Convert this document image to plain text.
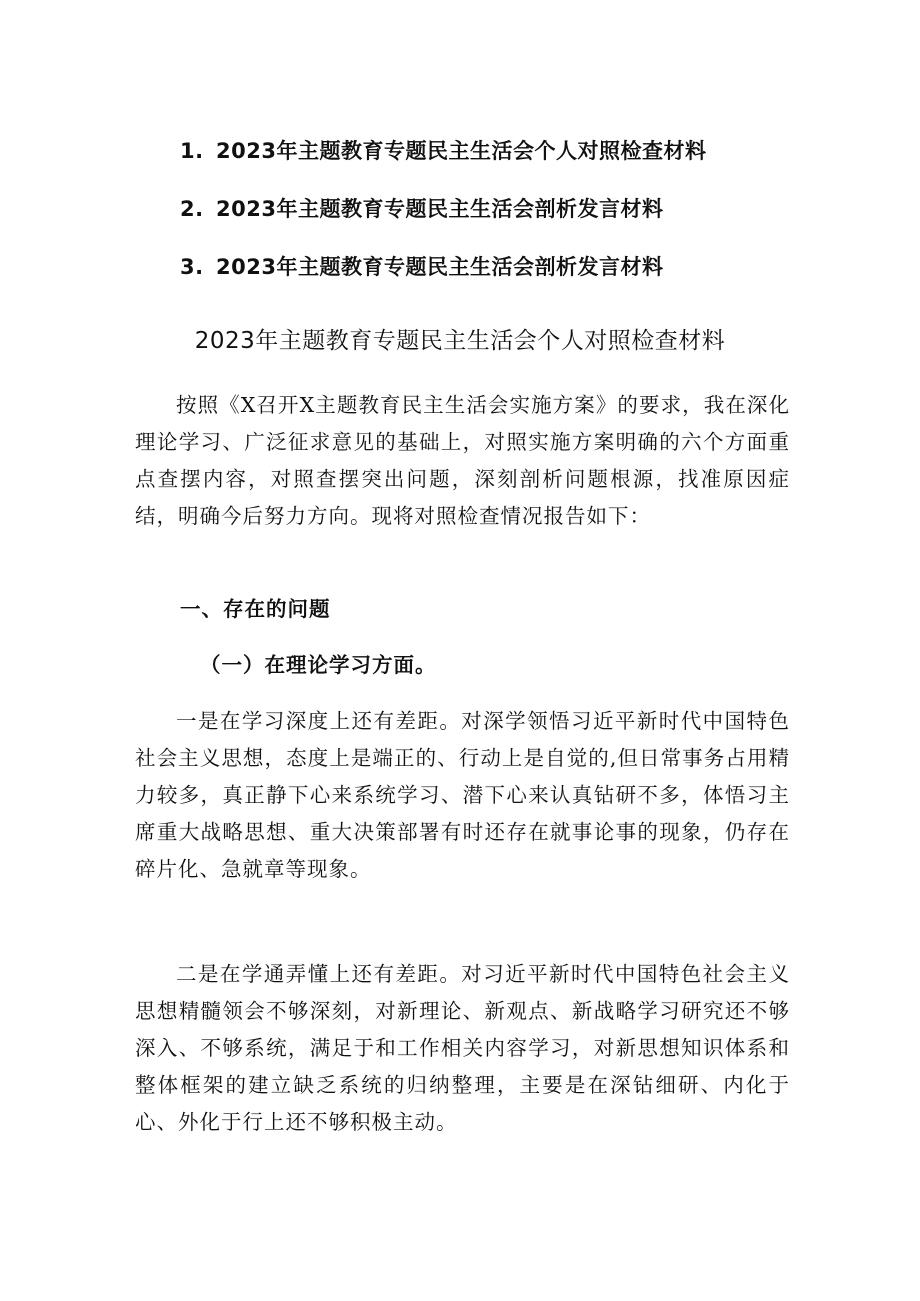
1. 2023年主题教育专题民主生活会个人对照检查材料
2. 2023年主题教育专题民主生活会剖析发言材料
3. 2023年主题教育专题民主生活会剖析发言材料
2023年主题教育专题民主生活会个人对照检查材料

按照《X召开X主题教育民主生活会实施方案》的要求，我在深化理论学习、广泛征求意见的基础上，对照实施方案明确的六个方面重点查摆内容，对照查摆突出问题，深刻剖析问题根源，找准原因症结，明确今后努力方向。现将对照检查情况报告如下：

一、存在的问题
（一）在理论学习方面。

一是在学习深度上还有差距。对深学领悟习近平新时代中国特色社会主义思想，态度上是端正的、行动上是自觉的,但日常事务占用精力较多，真正静下心来系统学习、潜下心来认真钻研不多，体悟习主席重大战略思想、重大决策部署有时还存在就事论事的现象，仍存在碎片化、急就章等现象。

二是在学通弄懂上还有差距。对习近平新时代中国特色社会主义思想精髓领会不够深刻，对新理论、新观点、新战略学习研究还不够深入、不够系统，满足于和工作相关内容学习，对新思想知识体系和整体框架的建立缺乏系统的归纳整理，主要是在深钻细研、内化于心、外化于行上还不够积极主动。
